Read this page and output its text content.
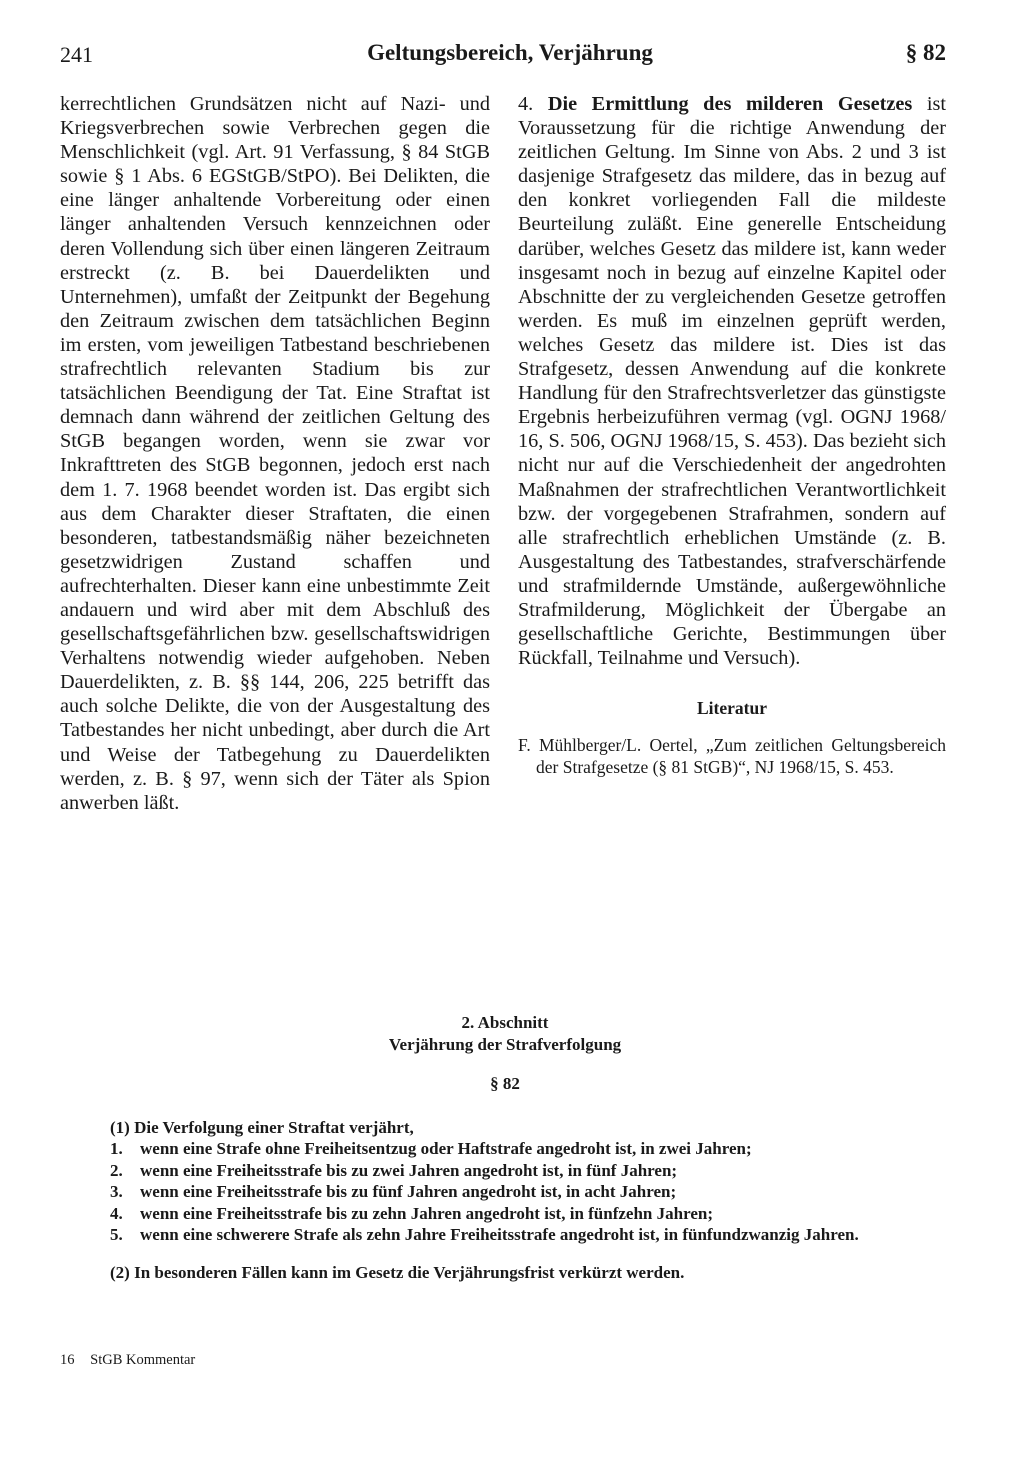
241	Geltungsbereich, Verjährung	§ 82

kerrechtlichen Grundsätzen nicht auf Nazi- und Kriegsverbrechen sowie Verbrechen gegen die Menschlichkeit (vgl. Art. 91 Verfassung, § 84 StGB sowie § 1 Abs. 6 EGStGB/StPO). Bei Delikten, die eine länger anhaltende Vorbereitung oder einen länger anhaltenden Versuch kennzeichnen oder deren Vollendung sich über einen längeren Zeitraum erstreckt (z. B. bei Dauerdelikten und Unternehmen), umfaßt der Zeitpunkt der Begehung den Zeitraum zwischen dem tatsächlichen Beginn im ersten, vom jeweiligen Tatbestand beschriebenen strafrechtlich relevanten Stadium bis zur tatsächlichen Beendigung der Tat. Eine Straftat ist demnach dann während der zeitlichen Geltung des StGB begangen worden, wenn sie zwar vor Inkrafttreten des StGB begonnen, jedoch erst nach dem 1. 7. 1968 beendet worden ist. Das ergibt sich aus dem Charakter dieser Straftaten, die einen besonderen, tatbestandsmäßig näher bezeichneten gesetzwidrigen Zustand schaffen und aufrechterhalten. Dieser kann eine unbestimmte Zeit andauern und wird aber mit dem Abschluß des gesellschaftsgefährlichen bzw. gesellschaftswidrigen Verhaltens notwendig wieder aufgehoben. Neben Dauerdelikten, z. B. §§ 144, 206, 225 betrifft das auch solche Delikte, die von der Ausgestaltung des Tatbestandes her nicht unbedingt, aber durch die Art und Weise der Tatbegehung zu Dauerdelikten werden, z. B. § 97, wenn sich der Täter als Spion anwerben läßt.

4. Die Ermittlung des milderen Gesetzes ist Voraussetzung für die richtige Anwendung der zeitlichen Geltung. Im Sinne von Abs. 2 und 3 ist dasjenige Strafgesetz das mildere, das in bezug auf den konkret vorliegenden Fall die mildeste Beurteilung zuläßt. Eine generelle Entscheidung darüber, welches Gesetz das mildere ist, kann weder insgesamt noch in bezug auf einzelne Kapitel oder Abschnitte der zu vergleichenden Gesetze getroffen werden. Es muß im einzelnen geprüft werden, welches Gesetz das mildere ist. Dies ist das Strafgesetz, dessen Anwendung auf die konkrete Handlung für den Strafrechtsverletzer das günstigste Ergebnis herbeizuführen vermag (vgl. OGNJ 1968/ 16, S. 506, OGNJ 1968/15, S. 453). Das bezieht sich nicht nur auf die Verschiedenheit der angedrohten Maßnahmen der strafrechtlichen Verantwortlichkeit bzw. der vorgegebenen Strafrahmen, sondern auf alle strafrechtlich erheblichen Umstände (z. B. Ausgestaltung des Tatbestandes, strafverschärfende und strafmildernde Umstände, außergewöhnliche Strafmilderung, Möglichkeit der Übergabe an gesellschaftliche Gerichte, Bestimmungen über Rückfall, Teilnahme und Versuch).

Literatur
F. Mühlberger/L. Oertel, „Zum zeitlichen Geltungsbereich der Strafgesetze (§ 81 StGB)“, NJ 1968/15, S. 453.

2. Abschnitt

Verjährung der Strafverfolgung

§ 82

(1) Die Verfolgung einer Straftat verjährt,

1.	wenn eine Strafe ohne Freiheitsentzug oder Haftstrafe angedroht ist, in zwei Jahren;
2.	wenn eine Freiheitsstrafe bis zu zwei Jahren angedroht ist, in fünf Jahren;
3.	wenn eine Freiheitsstrafe bis zu fünf Jahren angedroht ist, in acht Jahren;
4.	wenn eine Freiheitsstrafe bis zu zehn Jahren angedroht ist, in fünfzehn Jahren;
5.	wenn eine schwerere Strafe als zehn Jahre Freiheitsstrafe angedroht ist, in fünfundzwanzig Jahren.

(2) In besonderen Fällen kann im Gesetz die Verjährungsfrist verkürzt werden.

16 StGB Kommentar
